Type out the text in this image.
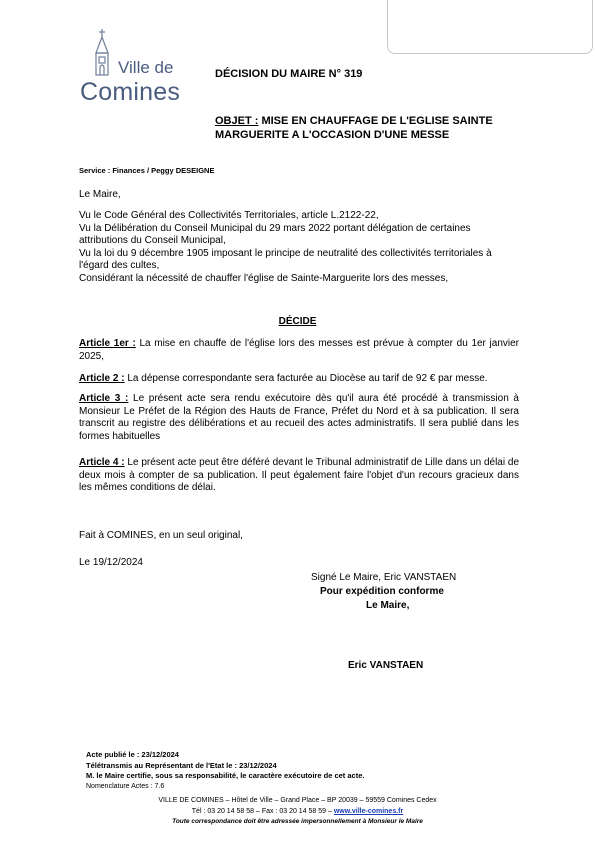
Ville de
Comines
DÉCISION DU MAIRE N° 319
OBJET : MISE EN CHAUFFAGE DE L'EGLISE SAINTE MARGUERITE A L'OCCASION D'UNE MESSE
Service : Finances / Peggy DESEIGNE
Le Maire,

Vu le Code Général des Collectivités Territoriales, article L.2122-22,

Vu la Délibération du Conseil Municipal du 29 mars 2022 portant délégation de certaines attributions du Conseil Municipal,

Vu la loi du 9 décembre 1905 imposant le principe de neutralité des collectivités territoriales à l'égard des cultes,

Considérant la nécessité de chauffer l'église de Sainte-Marguerite lors des messes,

DÉCIDE
Article 1er : La mise en chauffe de l'église lors des messes est prévue à compter du 1er janvier 2025,
Article 2 : La dépense correspondante sera facturée au Diocèse au tarif de 92 € par messe.
Article 3 : Le présent acte sera rendu exécutoire dès qu'il aura été procédé à transmission à Monsieur Le Préfet de la Région des Hauts de France, Préfet du Nord et à sa publication. Il sera transcrit au registre des délibérations et au recueil des actes administratifs. Il sera publié dans les formes habituelles
Article 4 : Le présent acte peut être déféré devant le Tribunal administratif de Lille dans un délai de deux mois à compter de sa publication. Il peut également faire l'objet d'un recours gracieux dans les mêmes conditions de délai.
Fait à COMINES, en un seul original,
Le 19/12/2024
Signé Le Maire, Eric VANSTAEN
Pour expédition conforme
Le Maire,
Eric VANSTAEN

Acte publié le : 23/12/2024

Télétransmis au Représentant de l'Etat le : 23/12/2024

M. le Maire certifie, sous sa responsabilité, le caractère exécutoire de cet acte.

Nomenclature Actes : 7.6

VILLE DE COMINES – Hôtel de Ville – Grand Place – BP 20039 – 59559 Comines Cedex

Tél : 03 20 14 58 58 – Fax : 03 20 14 58 59 – www.ville-comines.fr

Toute correspondance doit être adressée impersonnellement à Monsieur le Maire
